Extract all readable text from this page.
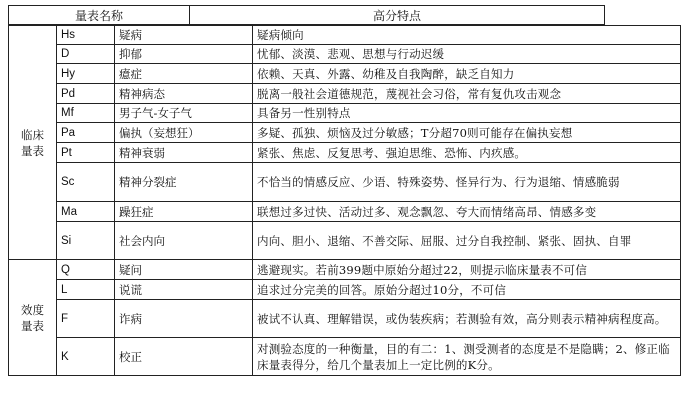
量表名称	高分特点
临床
量表	Hs	疑病	疑病倾向
	D	抑郁	忧郁、淡漠、悲观、思想与行动迟缓
	Hy	癔症	依赖、天真、外露、幼稚及自我陶醉，缺乏自知力
	Pd	精神病态	脱离一般社会道德规范，蔑视社会习俗，常有复仇攻击观念
	Mf	男子气-女子气	具备另一性别特点
	Pa	偏执（妄想狂）	多疑、孤独、烦恼及过分敏感；T分超70则可能存在偏执妄想
	Pt	精神衰弱	紧张、焦虑、反复思考、强迫思维、恐怖、内疚感。
	Sc	精神分裂症	不恰当的情感反应、少语、特殊姿势、怪异行为、行为退缩、情感脆弱
	Ma	躁狂症	联想过多过快、活动过多、观念飘忽、夸大而情绪高昂、情感多变
	Si	社会内向	内向、胆小、退缩、不善交际、屈服、过分自我控制、紧张、固执、自罪

效度
量表	Q	疑问	逃避现实。若前399题中原始分超过22，则提示临床量表不可信
	L	说谎	追求过分完美的回答。原始分超过10分，不可信
	F	诈病	被试不认真、理解错误，或伪装疾病；若测验有效，高分则表示精神病程度高。
	K	校正	对测验态度的一种衡量，目的有二：1、测受测者的态度是不是隐瞒；2、修正临床量表得分，给几个量表加上一定比例的K分。
